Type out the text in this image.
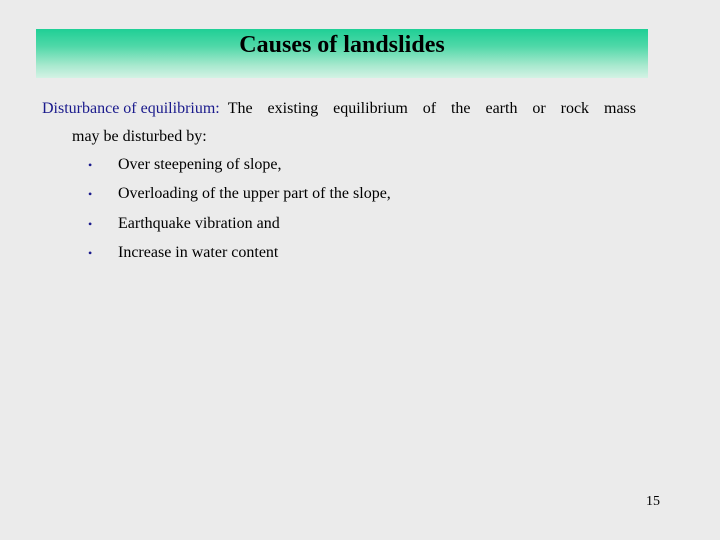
Causes of landslides
Disturbance of equilibrium: The existing equilibrium of the earth or rock mass
may be disturbed by:
•	Over steepening of slope,
•	Overloading of the upper part of the slope,
•	Earthquake vibration and
•	Increase in water content
15
